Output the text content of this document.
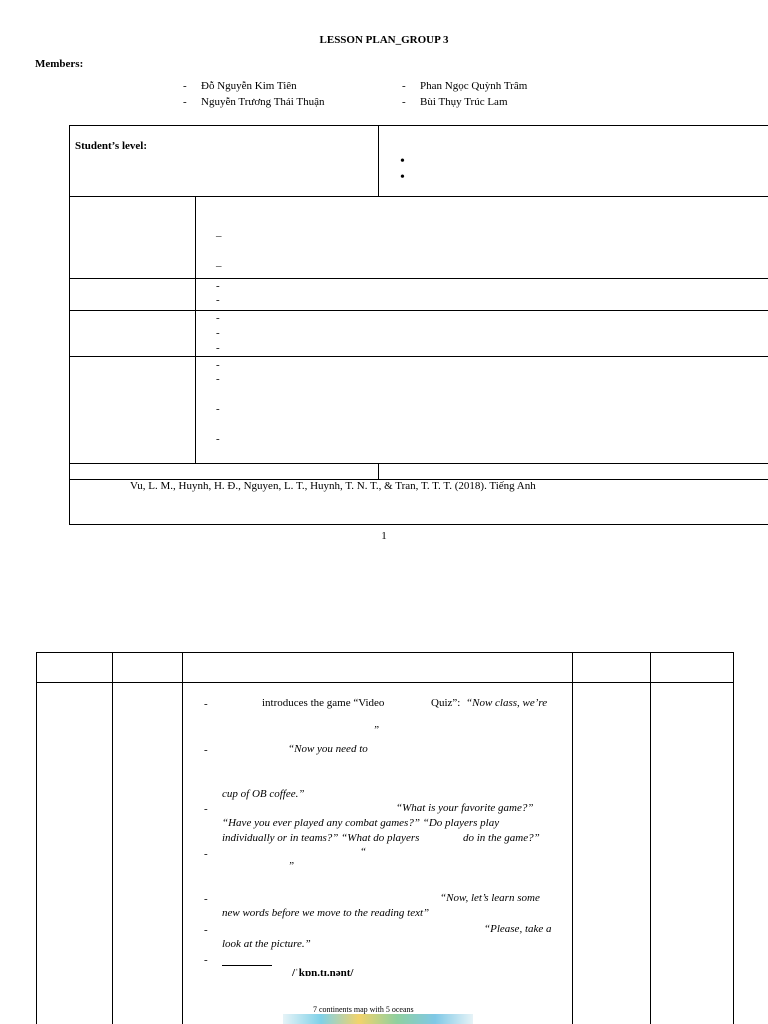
LESSON PLAN_GROUP 3
Members:
- Đỗ Nguyễn Kim Tiên
- Nguyễn Trương Thái Thuận
- Phan Ngọc Quỳnh Trâm
- Bùi Thụy Trúc Lam
Student’s level:
•
•
_
_
-
-
-
-
-
-
-
-
-
Vu, L. M., Huynh, H. Đ., Nguyen, L. T., Huynh, T. N. T., & Tran, T. T. T. (2018). Tiếng Anh
1
-	introduces the game “Video	Quiz”: “Now class, we’re
”
-	“Now you need to
cup of OB coffee.”
-	“What is your favorite game?”
“Have you ever played any combat games?” “Do players play
individually or in teams?” “What do players	do in the game?”
-	“
”
-	“Now, let’s learn some
new words before we move to the reading text”
-	“Please, take a
look at the picture.”
-
/ˈkɒn.tɪ.nənt/
7 continents map with 5 oceans
